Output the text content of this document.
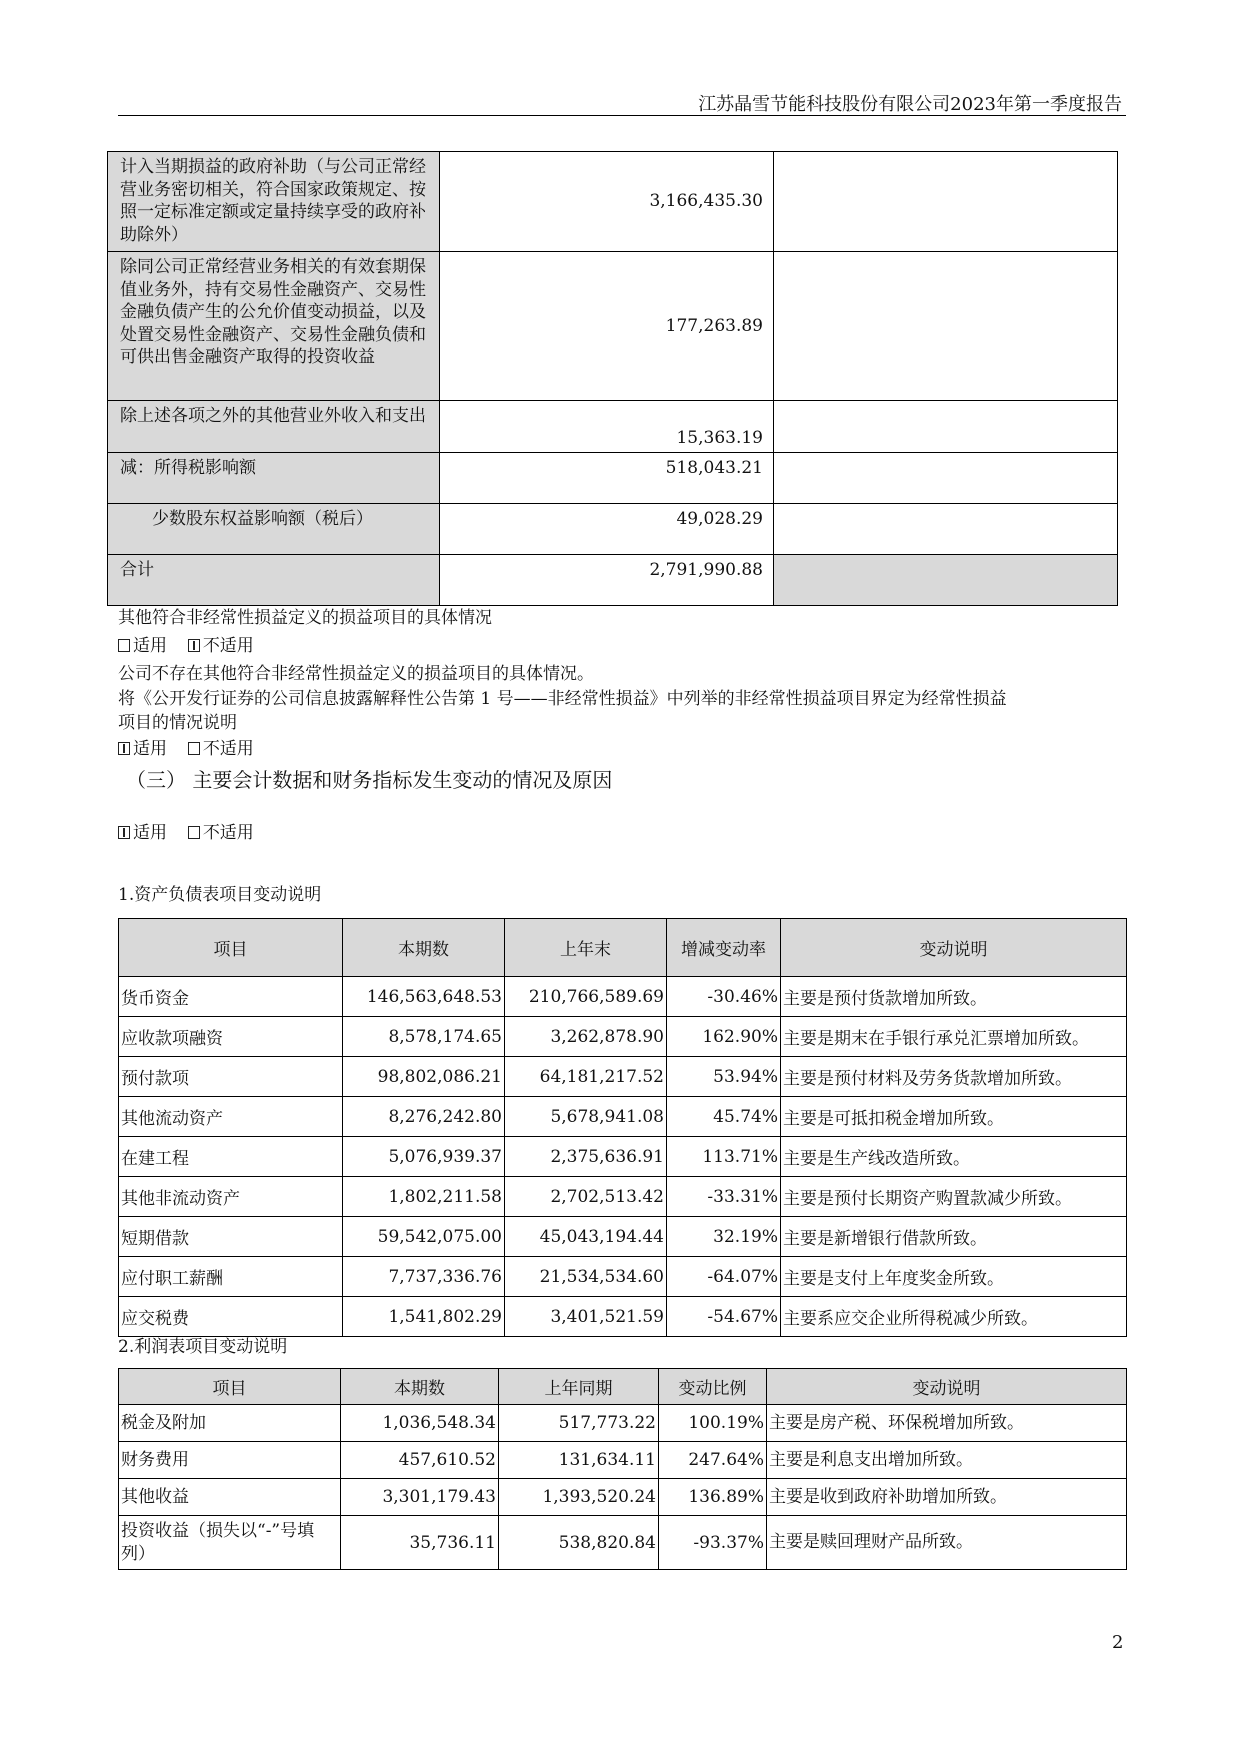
江苏晶雪节能科技股份有限公司2023年第一季度报告
计入当期损益的政府补助（与公司正常经营业务密切相关，符合国家政策规定、按照一定标准定额或定量持续享受的政府补助除外）	3,166,435.30	
除同公司正常经营业务相关的有效套期保值业务外，持有交易性金融资产、交易性金融负债产生的公允价值变动损益，以及处置交易性金融资产、交易性金融负债和可供出售金融资产取得的投资收益	177,263.89	
除上述各项之外的其他营业外收入和支出	15,363.19	
减：所得税影响额	518,043.21	
少数股东权益影响额（税后）	49,028.29	
合计	2,791,990.88	
其他符合非经常性损益定义的损益项目的具体情况
适用 不适用
公司不存在其他符合非经常性损益定义的损益项目的具体情况。
将《公开发行证券的公司信息披露解释性公告第 1 号——非经常性损益》中列举的非经常性损益项目界定为经常性损益
项目的情况说明
适用 不适用
（三） 主要会计数据和财务指标发生变动的情况及原因
适用 不适用
1.资产负债表项目变动说明
项目	本期数	上年末	增减变动率	变动说明
货币资金	146,563,648.53	210,766,589.69	-30.46%	主要是预付货款增加所致。
应收款项融资	8,578,174.65	3,262,878.90	162.90%	主要是期末在手银行承兑汇票增加所致。
预付款项	98,802,086.21	64,181,217.52	53.94%	主要是预付材料及劳务货款增加所致。
其他流动资产	8,276,242.80	5,678,941.08	45.74%	主要是可抵扣税金增加所致。
在建工程	5,076,939.37	2,375,636.91	113.71%	主要是生产线改造所致。
其他非流动资产	1,802,211.58	2,702,513.42	-33.31%	主要是预付长期资产购置款减少所致。
短期借款	59,542,075.00	45,043,194.44	32.19%	主要是新增银行借款所致。
应付职工薪酬	7,737,336.76	21,534,534.60	-64.07%	主要是支付上年度奖金所致。
应交税费	1,541,802.29	3,401,521.59	-54.67%	主要系应交企业所得税减少所致。
2.利润表项目变动说明
项目	本期数	上年同期	变动比例	变动说明
税金及附加	1,036,548.34	517,773.22	100.19%	主要是房产税、环保税增加所致。
财务费用	457,610.52	131,634.11	247.64%	主要是利息支出增加所致。
其他收益	3,301,179.43	1,393,520.24	136.89%	主要是收到政府补助增加所致。
投资收益（损失以“-”号填列）	35,736.11	538,820.84	-93.37%	主要是赎回理财产品所致。
2
